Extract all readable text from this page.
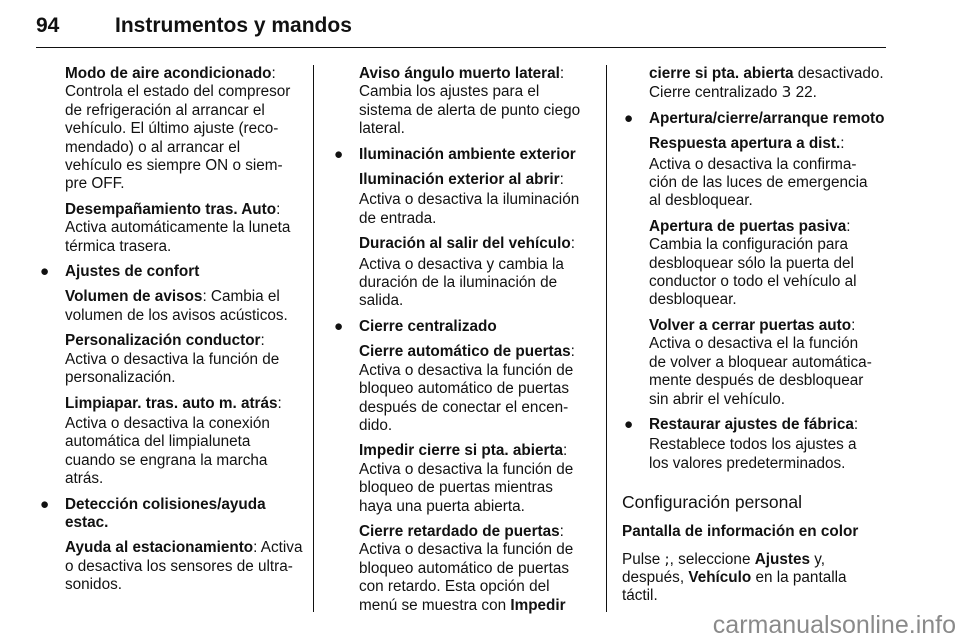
94	Instrumentos y mandos
Modo de aire acondicionado:
Controla el estado del compresor
de refrigeración al arrancar el
vehículo. El último ajuste (reco-
mendado) o al arrancar el
vehículo es siempre ON o siem-
pre OFF.
Desempañamiento tras. Auto:
Activa automáticamente la luneta
térmica trasera.
● Ajustes de confort
Volumen de avisos: Cambia el
volumen de los avisos acústicos.
Personalización conductor:
Activa o desactiva la función de
personalización.
Limpiapar. tras. auto m. atrás:
Activa o desactiva la conexión
automática del limpialuneta
cuando se engrana la marcha
atrás.
● Detección colisiones/ayuda
estac.
Ayuda al estacionamiento: Activa
o desactiva los sensores de ultra-
sonidos.
Aviso ángulo muerto lateral:
Cambia los ajustes para el
sistema de alerta de punto ciego
lateral.
● Iluminación ambiente exterior
Iluminación exterior al abrir:
Activa o desactiva la iluminación
de entrada.
Duración al salir del vehículo:
Activa o desactiva y cambia la
duración de la iluminación de
salida.
● Cierre centralizado
Cierre automático de puertas:
Activa o desactiva la función de
bloqueo automático de puertas
después de conectar el encen-
dido.
Impedir cierre si pta. abierta:
Activa o desactiva la función de
bloqueo de puertas mientras
haya una puerta abierta.
Cierre retardado de puertas:
Activa o desactiva la función de
bloqueo automático de puertas
con retardo. Esta opción del
menú se muestra con Impedir
cierre si pta. abierta desactivado.
Cierre centralizado 3 22.
● Apertura/cierre/arranque remoto
Respuesta apertura a dist.:
Activa o desactiva la confirma-
ción de las luces de emergencia
al desbloquear.
Apertura de puertas pasiva:
Cambia la configuración para
desbloquear sólo la puerta del
conductor o todo el vehículo al
desbloquear.
Volver a cerrar puertas auto:
Activa o desactiva el la función
de volver a bloquear automática-
mente después de desbloquear
sin abrir el vehículo.
● Restaurar ajustes de fábrica:
Restablece todos los ajustes a
los valores predeterminados.
Configuración personal
Pantalla de información en color
Pulse ;, seleccione Ajustes y,
después, Vehículo en la pantalla
táctil.
carmanualsonline.info
